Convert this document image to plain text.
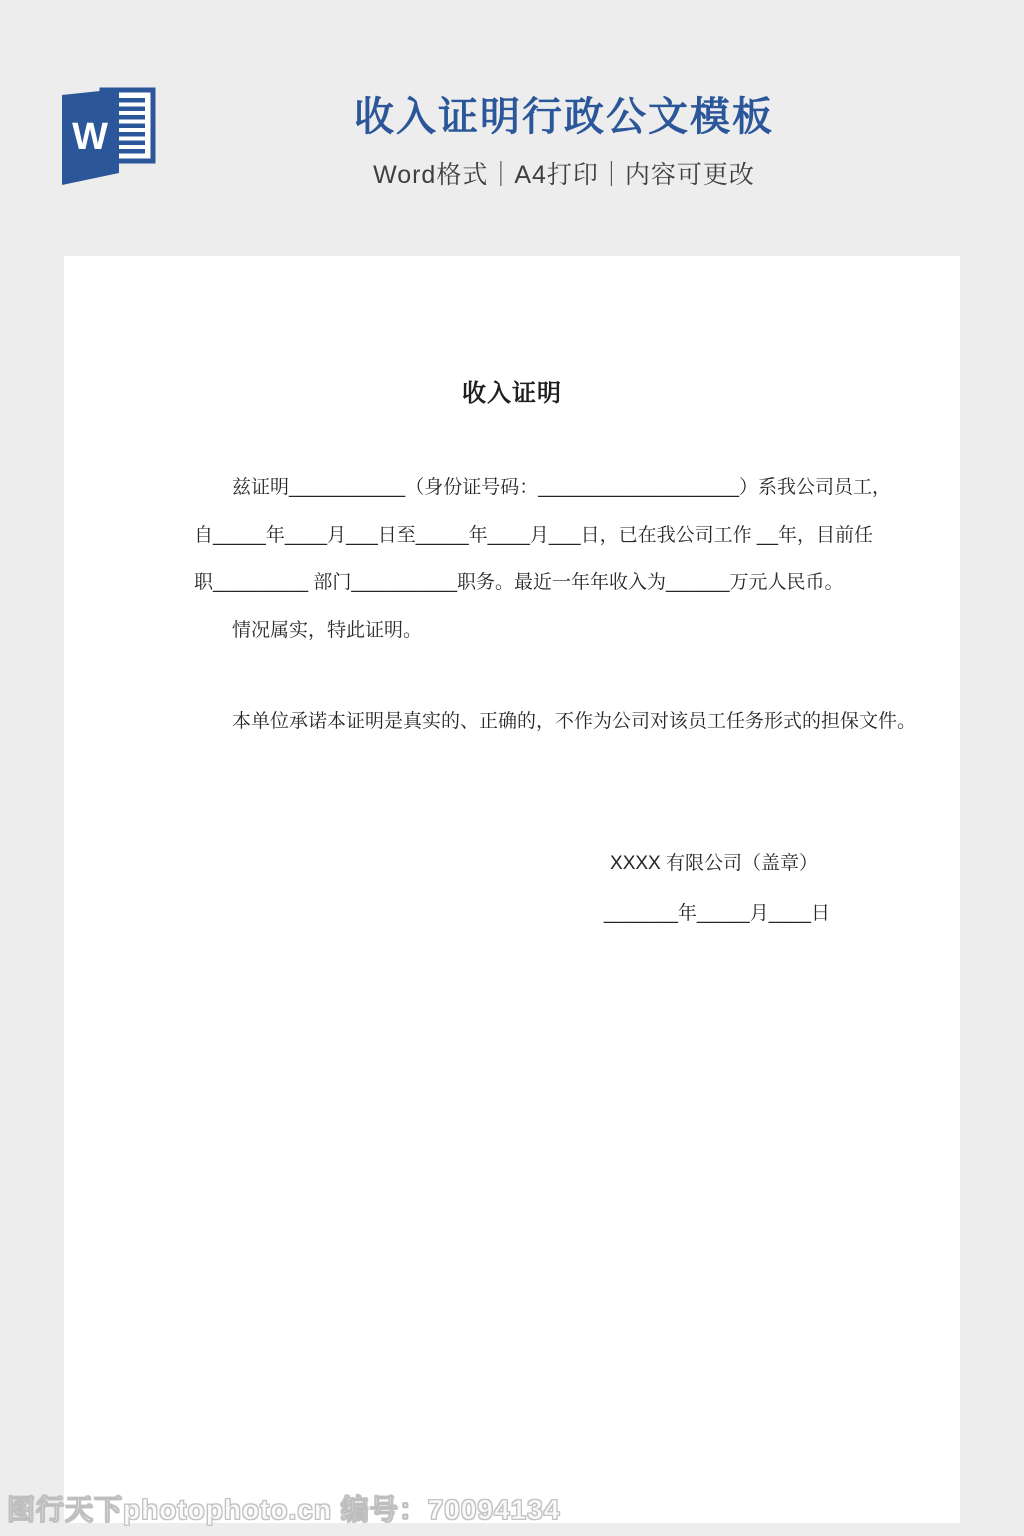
W	收入证明行政公文模板
Word格式｜A4打印｜内容可更改
收入证明
兹证明___________（身份证号码：___________________）系我公司员工，
自_____年____月___日至_____年____月___日，已在我公司工作 __年，目前任
职_________ 部门__________职务。最近一年年收入为______万元人民币。
情况属实，特此证明。
本单位承诺本证明是真实的、正确的，不作为公司对该员工任务形式的担保文件。
XXXX 有限公司（盖章）
_______年_____月____日
图行天下photophoto.cn 编号：70094134
